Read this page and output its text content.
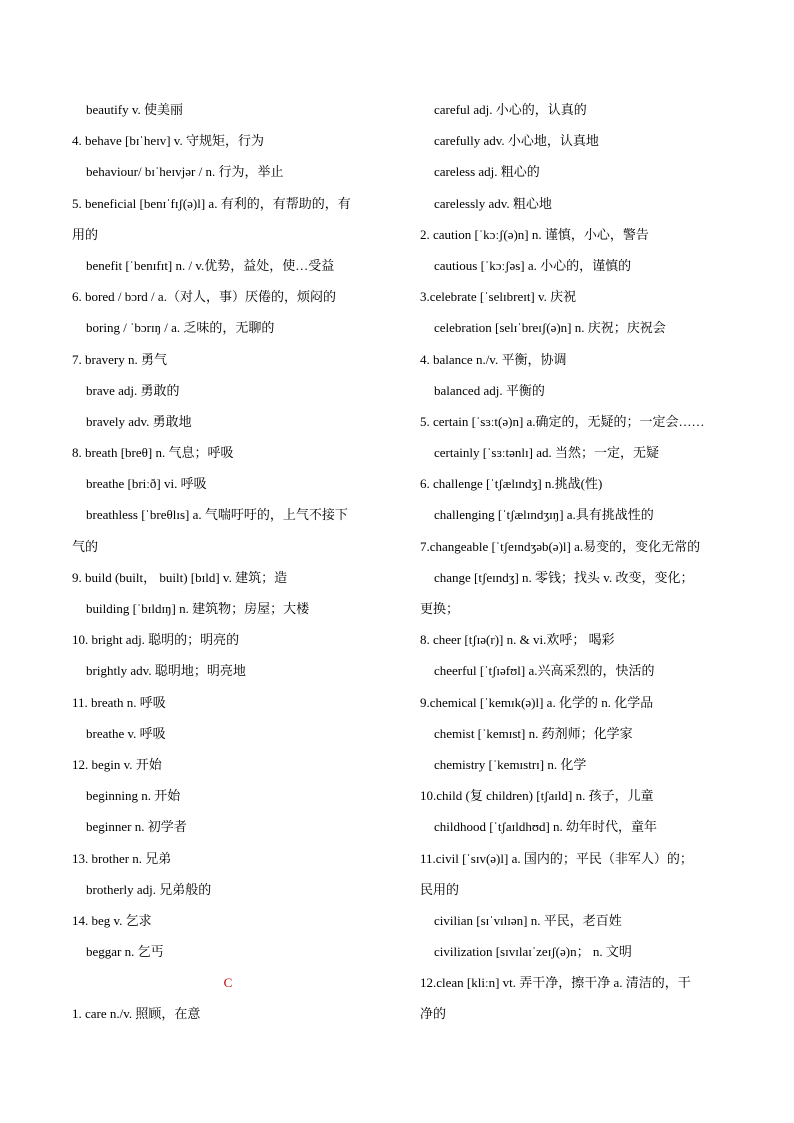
beautify v. 使美丽
4. behave [bɪˈheɪv] v. 守规矩，行为
behaviour/ bɪˈheɪvjər / n. 行为，举止
5. beneficial [benɪˈfɪʃ(ə)l] a. 有利的，有帮助的，有
用的
benefit [ˈbenɪfɪt] n. / v.优势，益处，使…受益
6. bored / bɔrd / a.（对人，事）厌倦的，烦闷的
boring / ˈbɔrɪŋ / a. 乏味的，无聊的
7. bravery n. 勇气
brave adj. 勇敢的
bravely adv. 勇敢地
8. breath [breθ] n. 气息；呼吸
breathe [briːð] vi. 呼吸
breathless [ˈbreθlɪs] a. 气喘吁吁的，上气不接下
气的
9. build (built， built) [bɪld] v. 建筑；造
building [ˈbɪldɪŋ] n. 建筑物；房屋；大楼
10. bright adj. 聪明的；明亮的
brightly adv. 聪明地；明亮地
11. breath n. 呼吸
breathe v. 呼吸
12. begin v. 开始
beginning n. 开始
beginner n. 初学者
13. brother n. 兄弟
brotherly adj. 兄弟般的
14. beg v. 乞求
beggar n. 乞丐
C
1. care n./v. 照顾，在意
careful adj. 小心的，认真的
carefully adv. 小心地，认真地
careless adj. 粗心的
carelessly adv. 粗心地
2. caution [ˈkɔːʃ(ə)n] n. 谨慎，小心，警告
cautious [ˈkɔːʃəs] a. 小心的，谨慎的
3.celebrate [ˈselɪbreɪt] v. 庆祝
celebration [selɪˈbreɪʃ(ə)n] n. 庆祝；庆祝会
4. balance n./v. 平衡，协调
balanced adj. 平衡的
5. certain [ˈsɜːt(ə)n] a.确定的，无疑的；一定会……
certainly [ˈsɜːtənlɪ] ad. 当然；一定，无疑
6. challenge [ˈtʃælɪndʒ] n.挑战(性)
challenging [ˈtʃælɪndʒɪŋ] a.具有挑战性的
7.changeable [ˈtʃeɪndʒəb(ə)l] a.易变的，变化无常的
change [tʃeɪndʒ] n. 零钱；找头 v. 改变，变化；
更换；
8. cheer [tʃɪə(r)] n. & vi.欢呼； 喝彩
cheerful [ˈtʃɪəfʊl] a.兴高采烈的，快活的
9.chemical [ˈkemɪk(ə)l] a. 化学的 n. 化学品
chemist [ˈkemɪst] n. 药剂师；化学家
chemistry [ˈkemɪstrɪ] n. 化学
10.child (复 children) [tʃaɪld] n. 孩子，儿童
childhood [ˈtʃaɪldhʊd] n. 幼年时代，童年
11.civil [ˈsɪv(ə)l] a. 国内的；平民（非军人）的；
民用的
civilian [sɪˈvɪlɪən] n. 平民，老百姓
civilization [sɪvɪlaɪˈzeɪʃ(ə)n； n. 文明
12.clean [kliːn] vt. 弄干净，擦干净 a. 清洁的，干
净的
